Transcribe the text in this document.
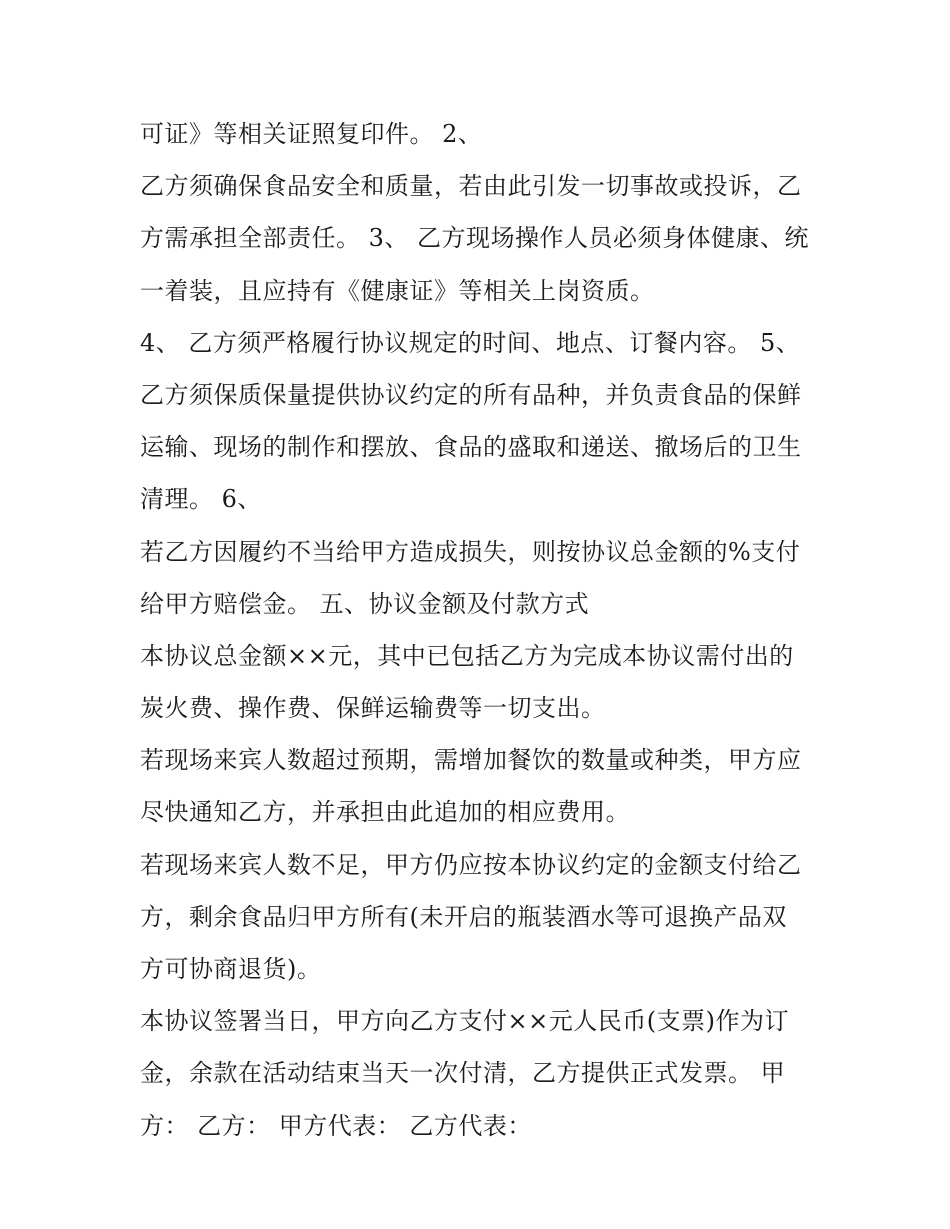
可证》等相关证照复印件。 2、
乙方须确保食品安全和质量，若由此引发一切事故或投诉，乙
方需承担全部责任。 3、 乙方现场操作人员必须身体健康、统
一着装，且应持有《健康证》等相关上岗资质。
4、 乙方须严格履行协议规定的时间、地点、订餐内容。 5、
乙方须保质保量提供协议约定的所有品种，并负责食品的保鲜
运输、现场的制作和摆放、食品的盛取和递送、撤场后的卫生
清理。 6、
若乙方因履约不当给甲方造成损失，则按协议总金额的%支付
给甲方赔偿金。 五、协议金额及付款方式
本协议总金额××元，其中已包括乙方为完成本协议需付出的
炭火费、操作费、保鲜运输费等一切支出。
若现场来宾人数超过预期，需增加餐饮的数量或种类，甲方应
尽快通知乙方，并承担由此追加的相应费用。
若现场来宾人数不足，甲方仍应按本协议约定的金额支付给乙
方，剩余食品归甲方所有(未开启的瓶装酒水等可退换产品双
方可协商退货)。
本协议签署当日，甲方向乙方支付××元人民币(支票)作为订
金，余款在活动结束当天一次付清，乙方提供正式发票。 甲
方： 乙方： 甲方代表： 乙方代表：
